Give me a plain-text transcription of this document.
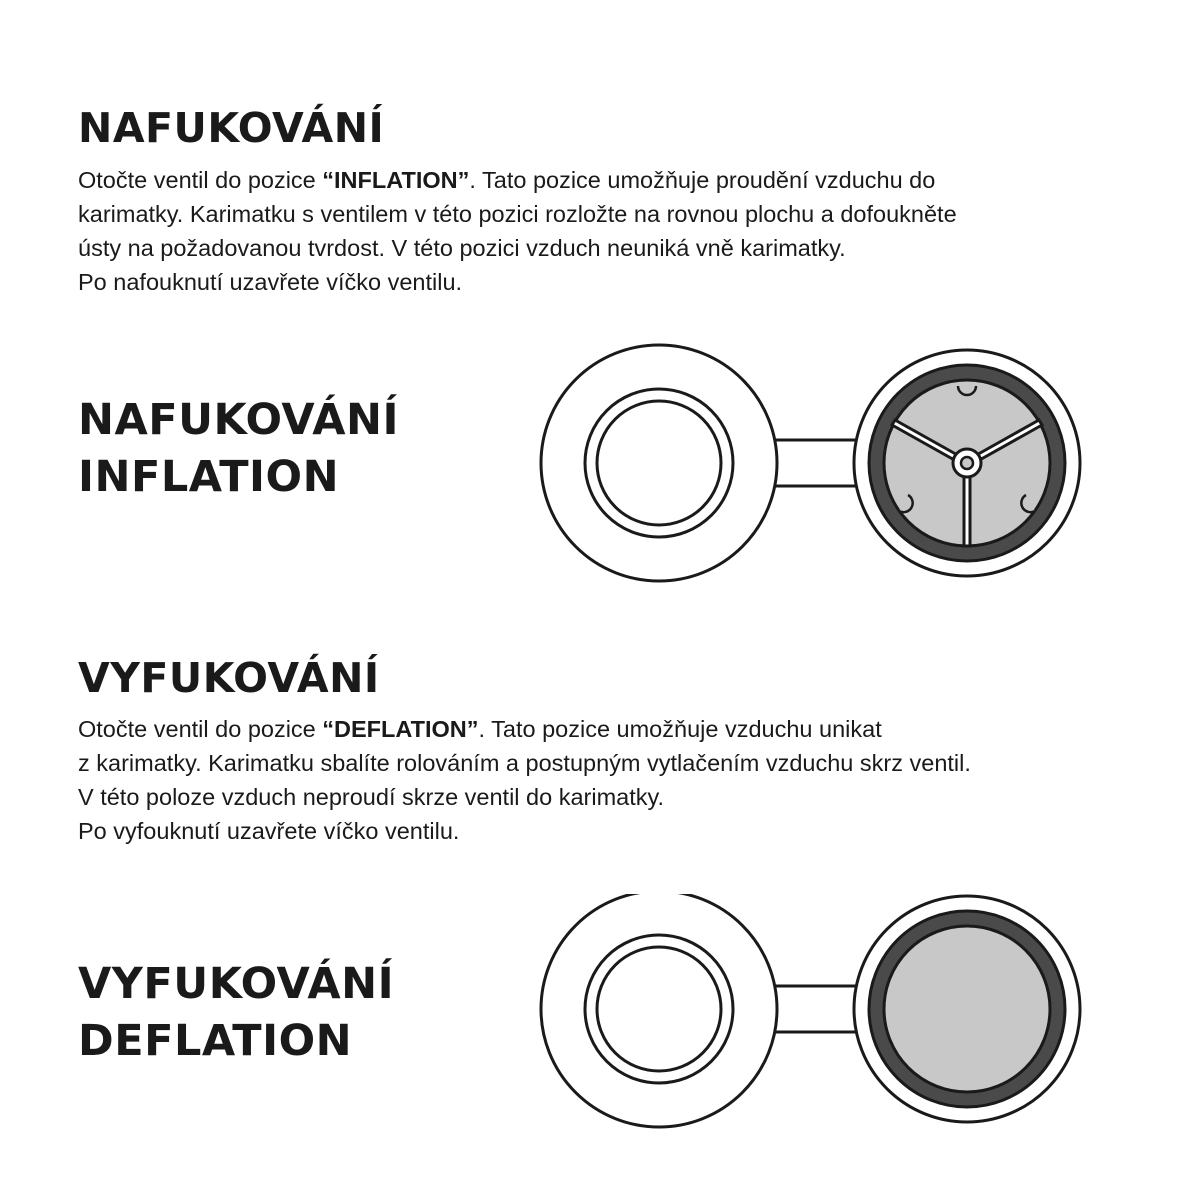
NAFUKOVÁNÍ
Otočte ventil do pozice “INFLATION”. Tato pozice umožňuje proudění vzduchu do
karimatky. Karimatku s ventilem v této pozici rozložte na rovnou plochu a dofoukněte
ústy na požadovanou tvrdost. V této pozici vzduch neuniká vně karimatky.
Po nafouknutí uzavřete víčko ventilu.
NAFUKOVÁNÍ
INFLATION
VYFUKOVÁNÍ
Otočte ventil do pozice “DEFLATION”. Tato pozice umožňuje vzduchu unikat
z karimatky. Karimatku sbalíte rolováním a postupným vytlačením vzduchu skrz ventil.
V této poloze vzduch neproudí skrze ventil do karimatky.
Po vyfouknutí uzavřete víčko ventilu.
VYFUKOVÁNÍ
DEFLATION
